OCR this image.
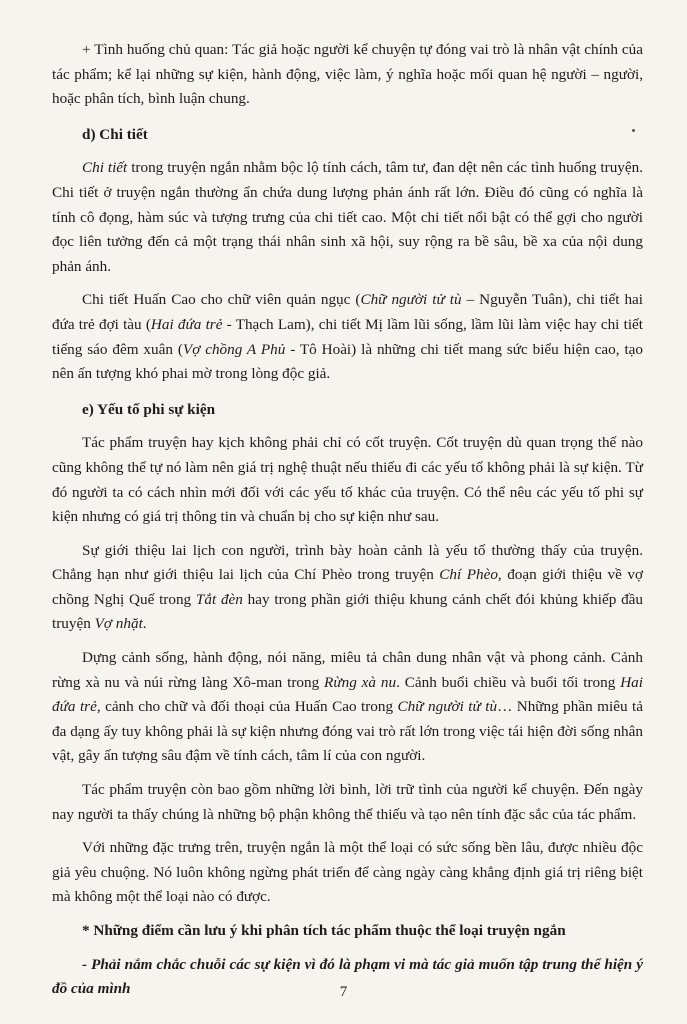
+ Tình huống chủ quan: Tác giả hoặc người kể chuyện tự đóng vai trò là nhân vật chính của tác phẩm; kể lại những sự kiện, hành động, việc làm, ý nghĩa hoặc mối quan hệ người – người, hoặc phân tích, bình luận chung.

d) Chi tiết

Chi tiết trong truyện ngắn nhằm bộc lộ tính cách, tâm tư, đan dệt nên các tình huống truyện. Chi tiết ở truyện ngắn thường ẩn chứa dung lượng phản ánh rất lớn. Điều đó cũng có nghĩa là tính cô đọng, hàm súc và tượng trưng của chi tiết cao. Một chi tiết nổi bật có thể gợi cho người đọc liên tưởng đến cả một trạng thái nhân sinh xã hội, suy rộng ra bề sâu, bề xa của nội dung phản ánh.

Chi tiết Huấn Cao cho chữ viên quản ngục (Chữ người tử tù – Nguyễn Tuân), chi tiết hai đứa trẻ đợi tàu (Hai đứa trẻ - Thạch Lam), chi tiết Mị lầm lũi sống, lầm lũi làm việc hay chi tiết tiếng sáo đêm xuân (Vợ chồng A Phủ - Tô Hoài) là những chi tiết mang sức biểu hiện cao, tạo nên ấn tượng khó phai mờ trong lòng độc giả.

e) Yếu tố phi sự kiện

Tác phẩm truyện hay kịch không phải chỉ có cốt truyện. Cốt truyện dù quan trọng thế nào cũng không thể tự nó làm nên giá trị nghệ thuật nếu thiếu đi các yếu tố không phải là sự kiện. Từ đó người ta có cách nhìn mới đối với các yếu tố khác của truyện. Có thể nêu các yếu tố phi sự kiện nhưng có giá trị thông tin và chuẩn bị cho sự kiện như sau.

Sự giới thiệu lai lịch con người, trình bày hoàn cảnh là yếu tố thường thấy của truyện. Chẳng hạn như giới thiệu lai lịch của Chí Phèo trong truyện Chí Phèo, đoạn giới thiệu về vợ chồng Nghị Quế trong Tắt đèn hay trong phần giới thiệu khung cảnh chết đói khủng khiếp đầu truyện Vợ nhặt.

Dựng cảnh sống, hành động, nói năng, miêu tả chân dung nhân vật và phong cảnh. Cảnh rừng xà nu và núi rừng làng Xô-man trong Rừng xà nu. Cảnh buổi chiều và buổi tối trong Hai đứa trẻ, cảnh cho chữ và đối thoại của Huấn Cao trong Chữ người tử tù… Những phần miêu tả đa dạng ấy tuy không phải là sự kiện nhưng đóng vai trò rất lớn trong việc tái hiện đời sống nhân vật, gây ấn tượng sâu đậm về tính cách, tâm lí của con người.

Tác phẩm truyện còn bao gồm những lời bình, lời trữ tình của người kể chuyện. Đến ngày nay người ta thấy chúng là những bộ phận không thể thiếu và tạo nên tính đặc sắc của tác phẩm.

Với những đặc trưng trên, truyện ngắn là một thể loại có sức sống bền lâu, được nhiều độc giả yêu chuộng. Nó luôn không ngừng phát triển để càng ngày càng khẳng định giá trị riêng biệt mà không một thể loại nào có được.

* Những điểm cần lưu ý khi phân tích tác phẩm thuộc thể loại truyện ngắn

- Phải nắm chắc chuỗi các sự kiện vì đó là phạm vi mà tác giả muốn tập trung thể hiện ý đồ của mình	7
